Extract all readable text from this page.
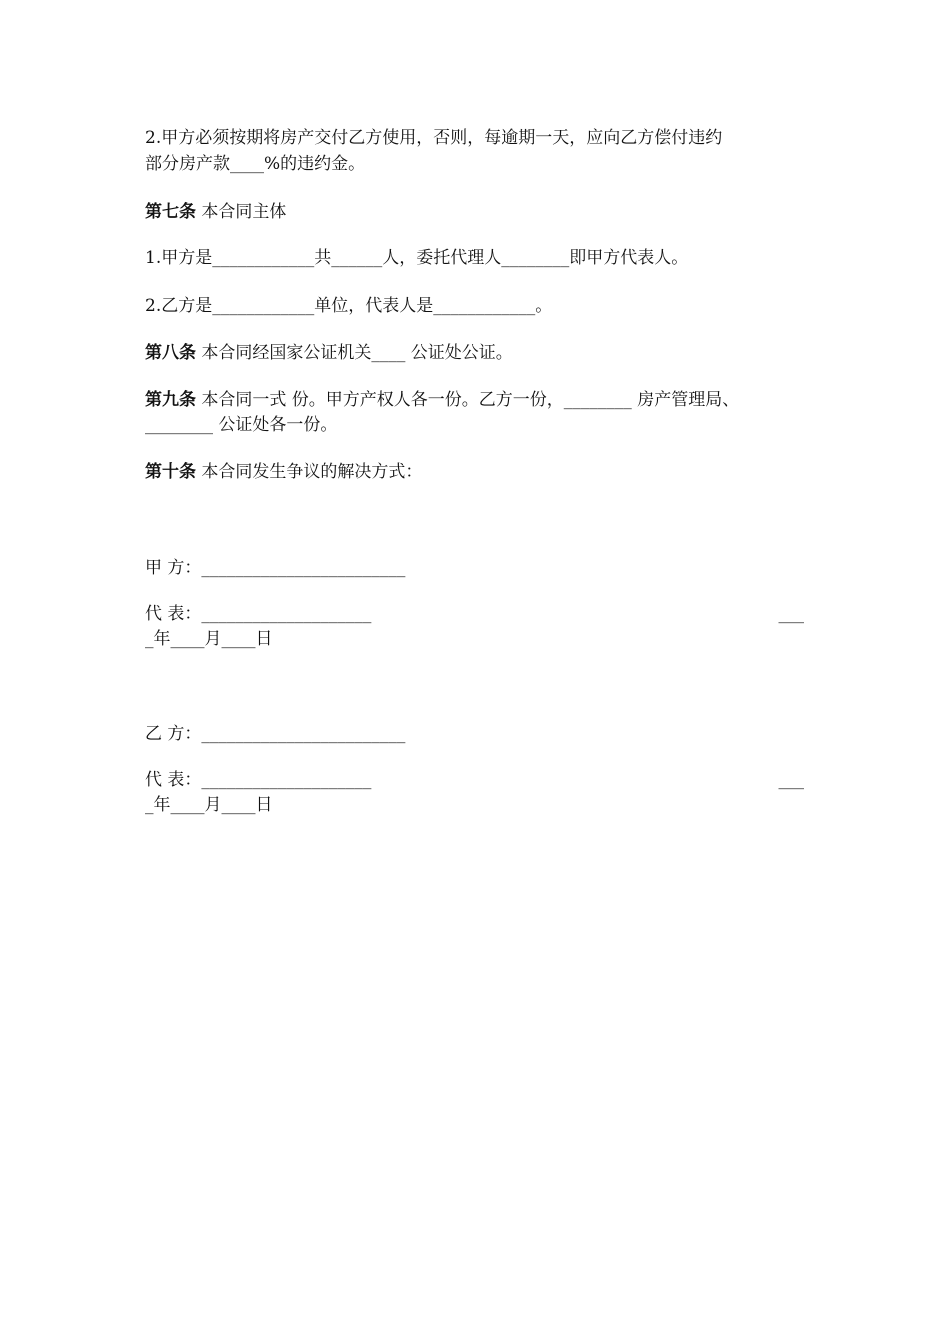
2.甲方必须按期将房产交付乙方使用，否则，每逾期一天，应向乙方偿付违约
部分房产款____%的违约金。
第七条 本合同主体
1.甲方是____________共______人，委托代理人________即甲方代表人。
2.乙方是____________单位，代表人是____________。
第八条 本合同经国家公证机关____ 公证处公证。
第九条 本合同一式 份。甲方产权人各一份。乙方一份，________ 房产管理局、
________ 公证处各一份。
第十条 本合同发生争议的解决方式：
甲 方：________________________
代 表：____________________	___
_年____月____日
乙 方：________________________
代 表：____________________	___
_年____月____日
